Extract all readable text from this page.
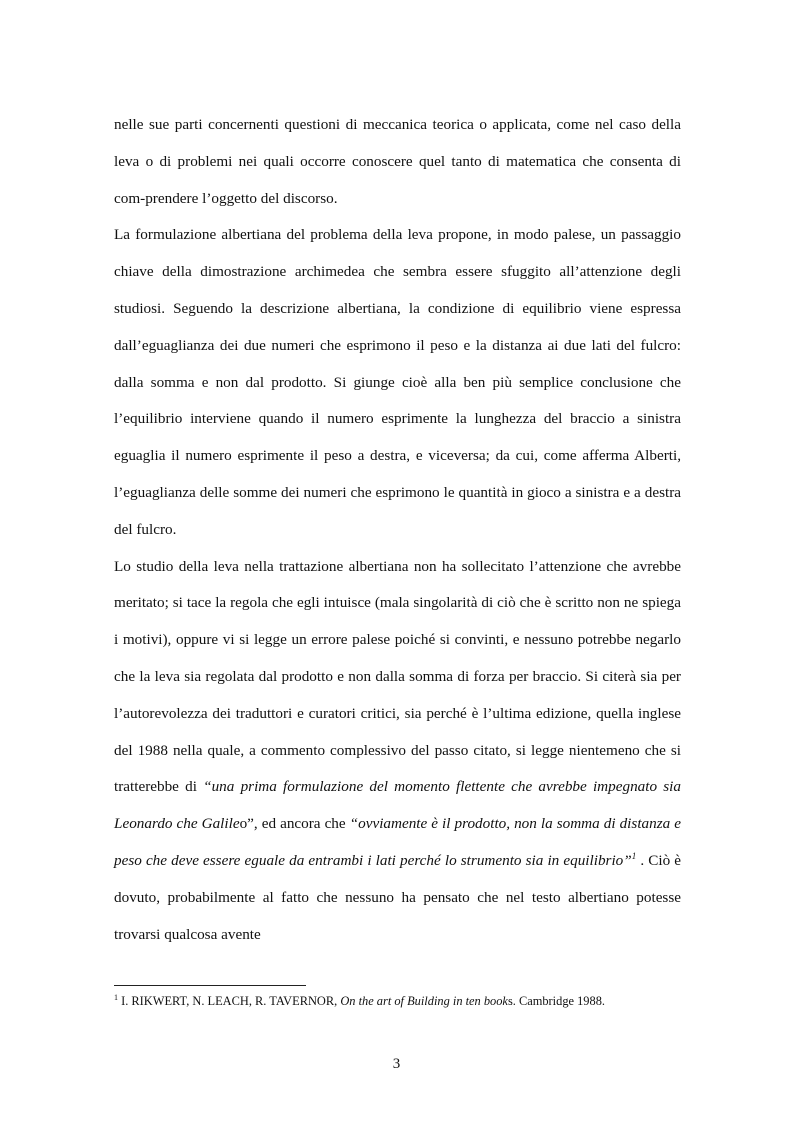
nelle sue parti concernenti questioni di meccanica teorica o applicata, come nel caso della leva o di problemi nei quali occorre conoscere quel tanto di matematica che consenta di com-prendere l’oggetto del discorso.

La formulazione albertiana del problema della leva propone, in modo palese, un passaggio chiave della dimostrazione archimedea che sembra essere sfuggito all’attenzione degli studiosi. Seguendo la descrizione albertiana, la condizione di equilibrio viene espressa dall’eguaglianza dei due numeri che esprimono il peso e la distanza ai due lati del fulcro: dalla somma e non dal prodotto. Si giunge cioè alla ben più semplice conclusione che l’equilibrio interviene quando il numero esprimente la lunghezza del braccio a sinistra eguaglia il numero esprimente il peso a destra, e viceversa; da cui, come afferma Alberti, l’eguaglianza delle somme dei numeri che esprimono le quantità in gioco a sinistra e a destra del fulcro.

Lo studio della leva nella trattazione albertiana non ha sollecitato l’attenzione che avrebbe meritato; si tace la regola che egli intuisce (mala singolarità di ciò che è scritto non ne spiega i motivi), oppure vi si legge un errore palese poiché si convinti, e nessuno potrebbe negarlo che la leva sia regolata dal prodotto e non dalla somma di forza per braccio. Si citerà sia per l’autorevolezza dei traduttori e curatori critici, sia perché è l’ultima edizione, quella inglese del 1988 nella quale, a commento complessivo del passo citato, si legge nientemeno che si tratterebbe di “una prima formulazione del momento flettente che avrebbe impegnato sia Leonardo che Galileo”, ed ancora che “ovviamente è il prodotto, non la somma di distanza e peso che deve essere eguale da entrambi i lati perché lo strumento sia in equilibrio”$^1$ . Ciò è dovuto, probabilmente al fatto che nessuno ha pensato che nel testo albertiano potesse trovarsi qualcosa avente

$^1$ I. RIKWERT, N. LEACH, R. TAVERNOR, On the art of Building in ten books. Cambridge 1988.

3
